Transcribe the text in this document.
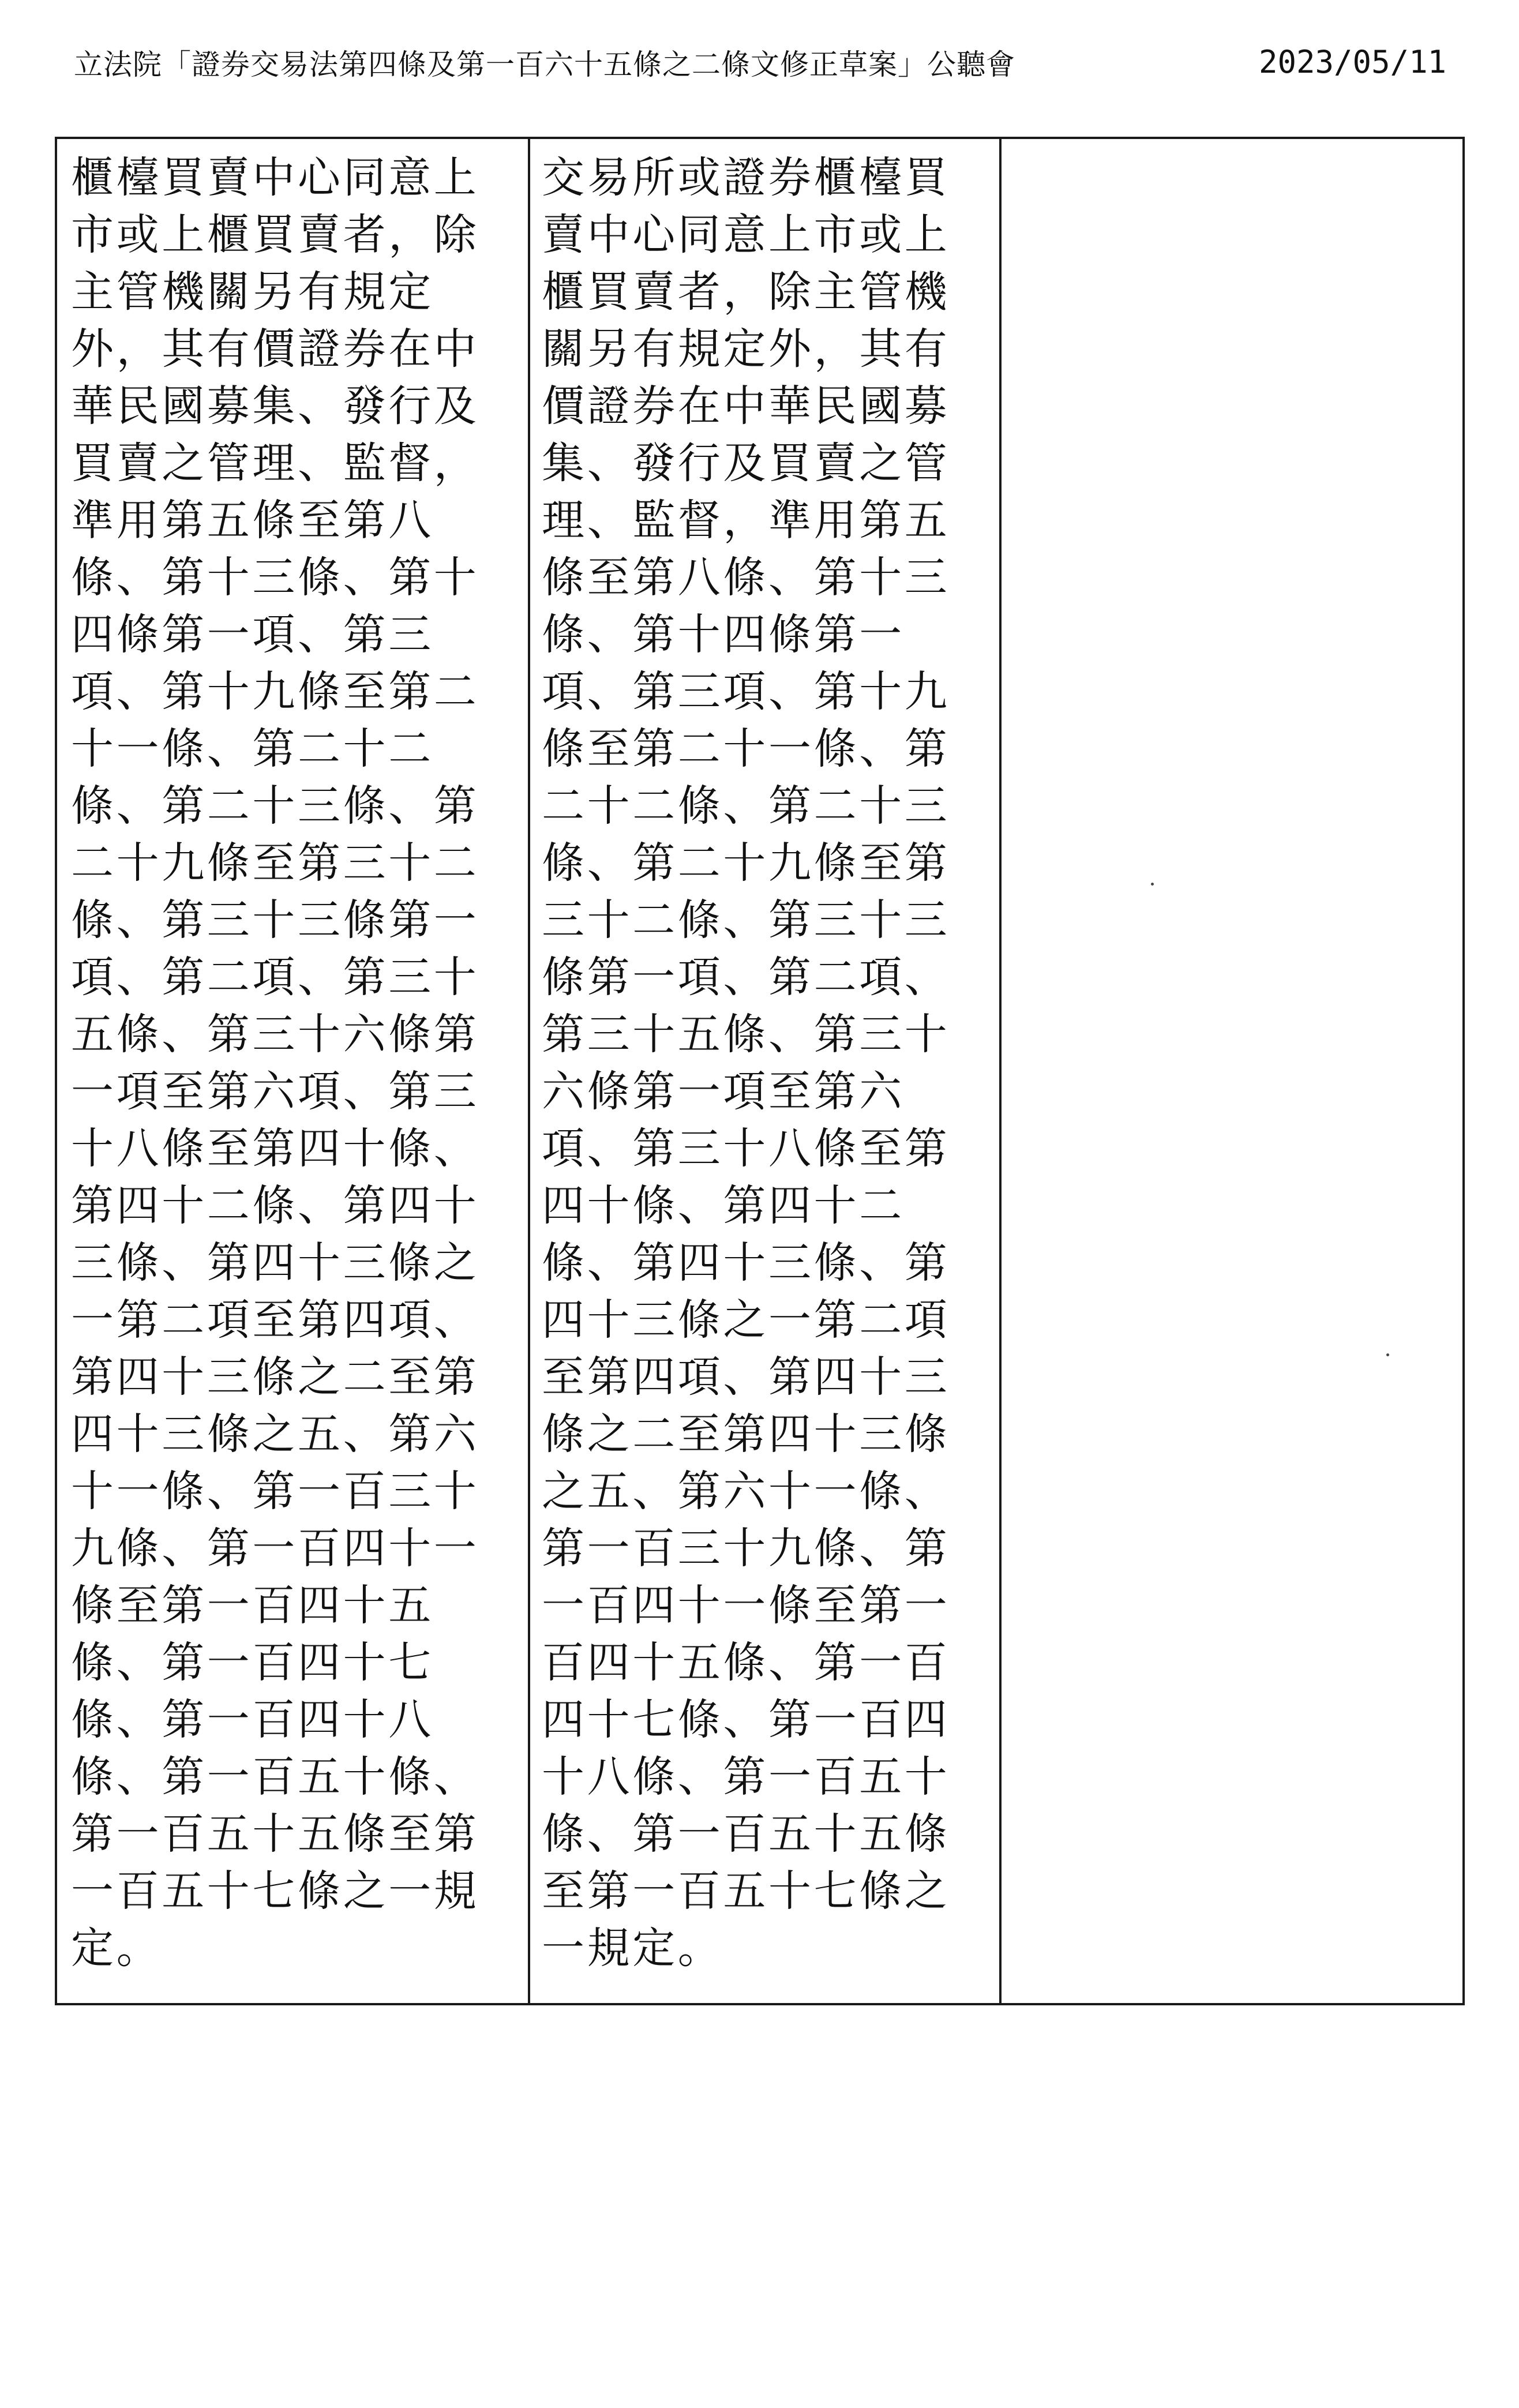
立法院「證券交易法第四條及第一百六十五條之二條文修正草案」公聽會	2023/05/11
櫃檯買賣中心同意上
市或上櫃買賣者，除
主管機關另有規定
外，其有價證券在中
華民國募集、發行及
買賣之管理、監督，
準用第五條至第八
條、第十三條、第十
四條第一項、第三
項、第十九條至第二
十一條、第二十二
條、第二十三條、第
二十九條至第三十二
條、第三十三條第一
項、第二項、第三十
五條、第三十六條第
一項至第六項、第三
十八條至第四十條、
第四十二條、第四十
三條、第四十三條之
一第二項至第四項、
第四十三條之二至第
四十三條之五、第六
十一條、第一百三十
九條、第一百四十一
條至第一百四十五
條、第一百四十七
條、第一百四十八
條、第一百五十條、
第一百五十五條至第
一百五十七條之一規
定。
交易所或證券櫃檯買
賣中心同意上市或上
櫃買賣者，除主管機
關另有規定外，其有
價證券在中華民國募
集、發行及買賣之管
理、監督，準用第五
條至第八條、第十三
條、第十四條第一
項、第三項、第十九
條至第二十一條、第
二十二條、第二十三
條、第二十九條至第
三十二條、第三十三
條第一項、第二項、
第三十五條、第三十
六條第一項至第六
項、第三十八條至第
四十條、第四十二
條、第四十三條、第
四十三條之一第二項
至第四項、第四十三
條之二至第四十三條
之五、第六十一條、
第一百三十九條、第
一百四十一條至第一
百四十五條、第一百
四十七條、第一百四
十八條、第一百五十
條、第一百五十五條
至第一百五十七條之
一規定。
